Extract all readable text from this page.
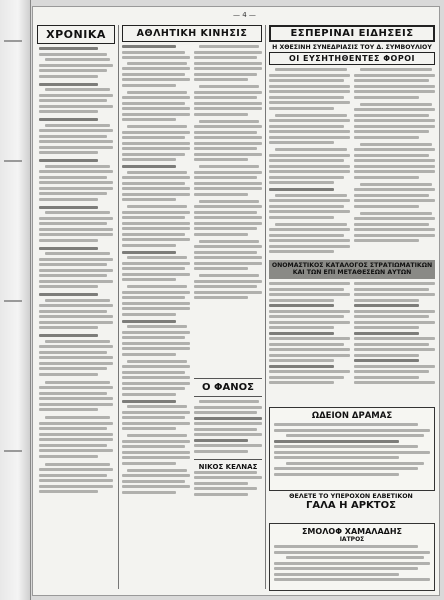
— 4 —
ΧΡΟΝΙΚΑ	ΑΘΛΗΤΙΚΗ ΚΙΝΗΣΙΣ
Ο ΦΑΝΟΣ
ΝΙΚΟΣ ΚΕΛΝΑΣ
ΕΣΠΕΡΙΝΑΙ ΕΙΔΗΣΕΙΣ
Η ΧΘΕΣΙΝΗ ΣΥΝΕΔΡΙΑΣΙΣ ΤΟΥ Δ. ΣΥΜΒΟΥΛΙΟΥ
ΟΙ ΕΥΣΗΤΗΘΕΝΤΕΣ ΦΟΡΟΙ
ΟΝΟΜΑΣΤΙΚΟΣ ΚΑΤΑΛΟΓΟΣ ΣΤΡΑΤΙΩΜΑΤΙΚΩΝ ΚΑΙ ΤΩΝ ΕΠΙ ΜΕΤΑΘΕΣΕΩΝ ΑΥΤΩΝ
ΩΔΕΙΟΝ ΔΡΑΜΑΣ
ΘΕΛΕΤΕ ΤΟ ΥΠΕΡΟΧΟΝ ΕΛΒΕΤΙΚΟΝ
ΓΑΛΑ Η ΑΡΚΤΟΣ
ΣΜΟΛΟΦ ΧΑΜΑΛΑΔΗΣ
ΙΑΤΡΟΣ
